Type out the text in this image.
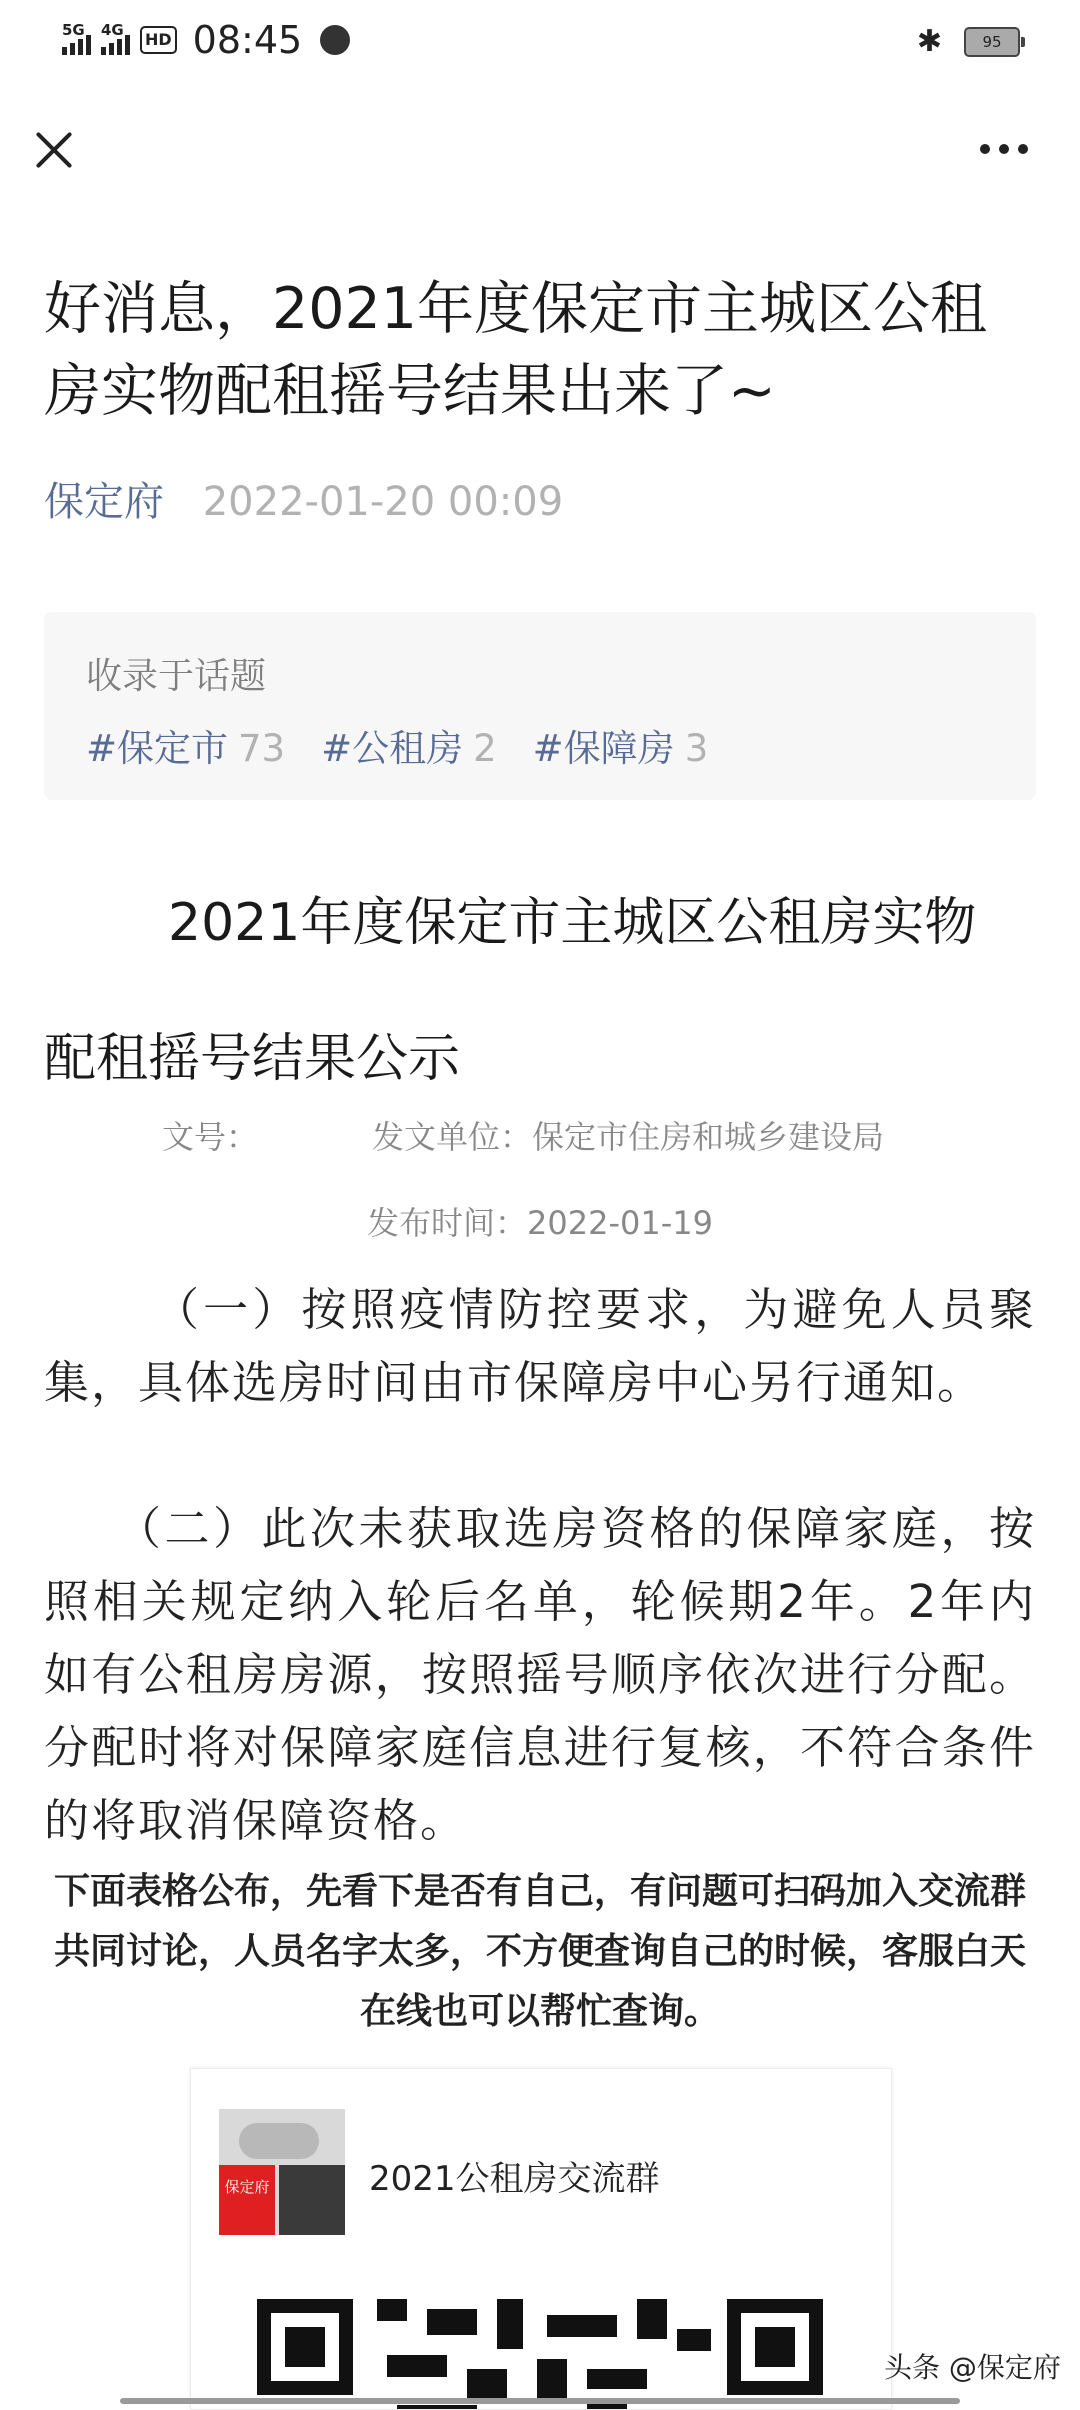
5G 4G	HD 08:45	✱	95
好消息，2021年度保定市主城区公租房实物配租摇号结果出来了~
保定府 2022-01-20 00:09
收录于话题
#保定市 73 #公租房 2 #保障房 3
2021年度保定市主城区公租房实物
配租摇号结果公示
文号：	发文单位：保定市住房和城乡建设局
发布时间：2022-01-19
（一）按照疫情防控要求，为避免人员聚集，具体选房时间由市保障房中心另行通知。
（二）此次未获取选房资格的保障家庭，按照相关规定纳入轮后名单，轮候期2年。2年内如有公租房房源，按照摇号顺序依次进行分配。分配时将对保障家庭信息进行复核，不符合条件的将取消保障资格。
下面表格公布，先看下是否有自己，有问题可扫码加入交流群共同讨论，人员名字太多，不方便查询自己的时候，客服白天在线也可以帮忙查询。
保定府	2021公租房交流群
头条 @保定府
